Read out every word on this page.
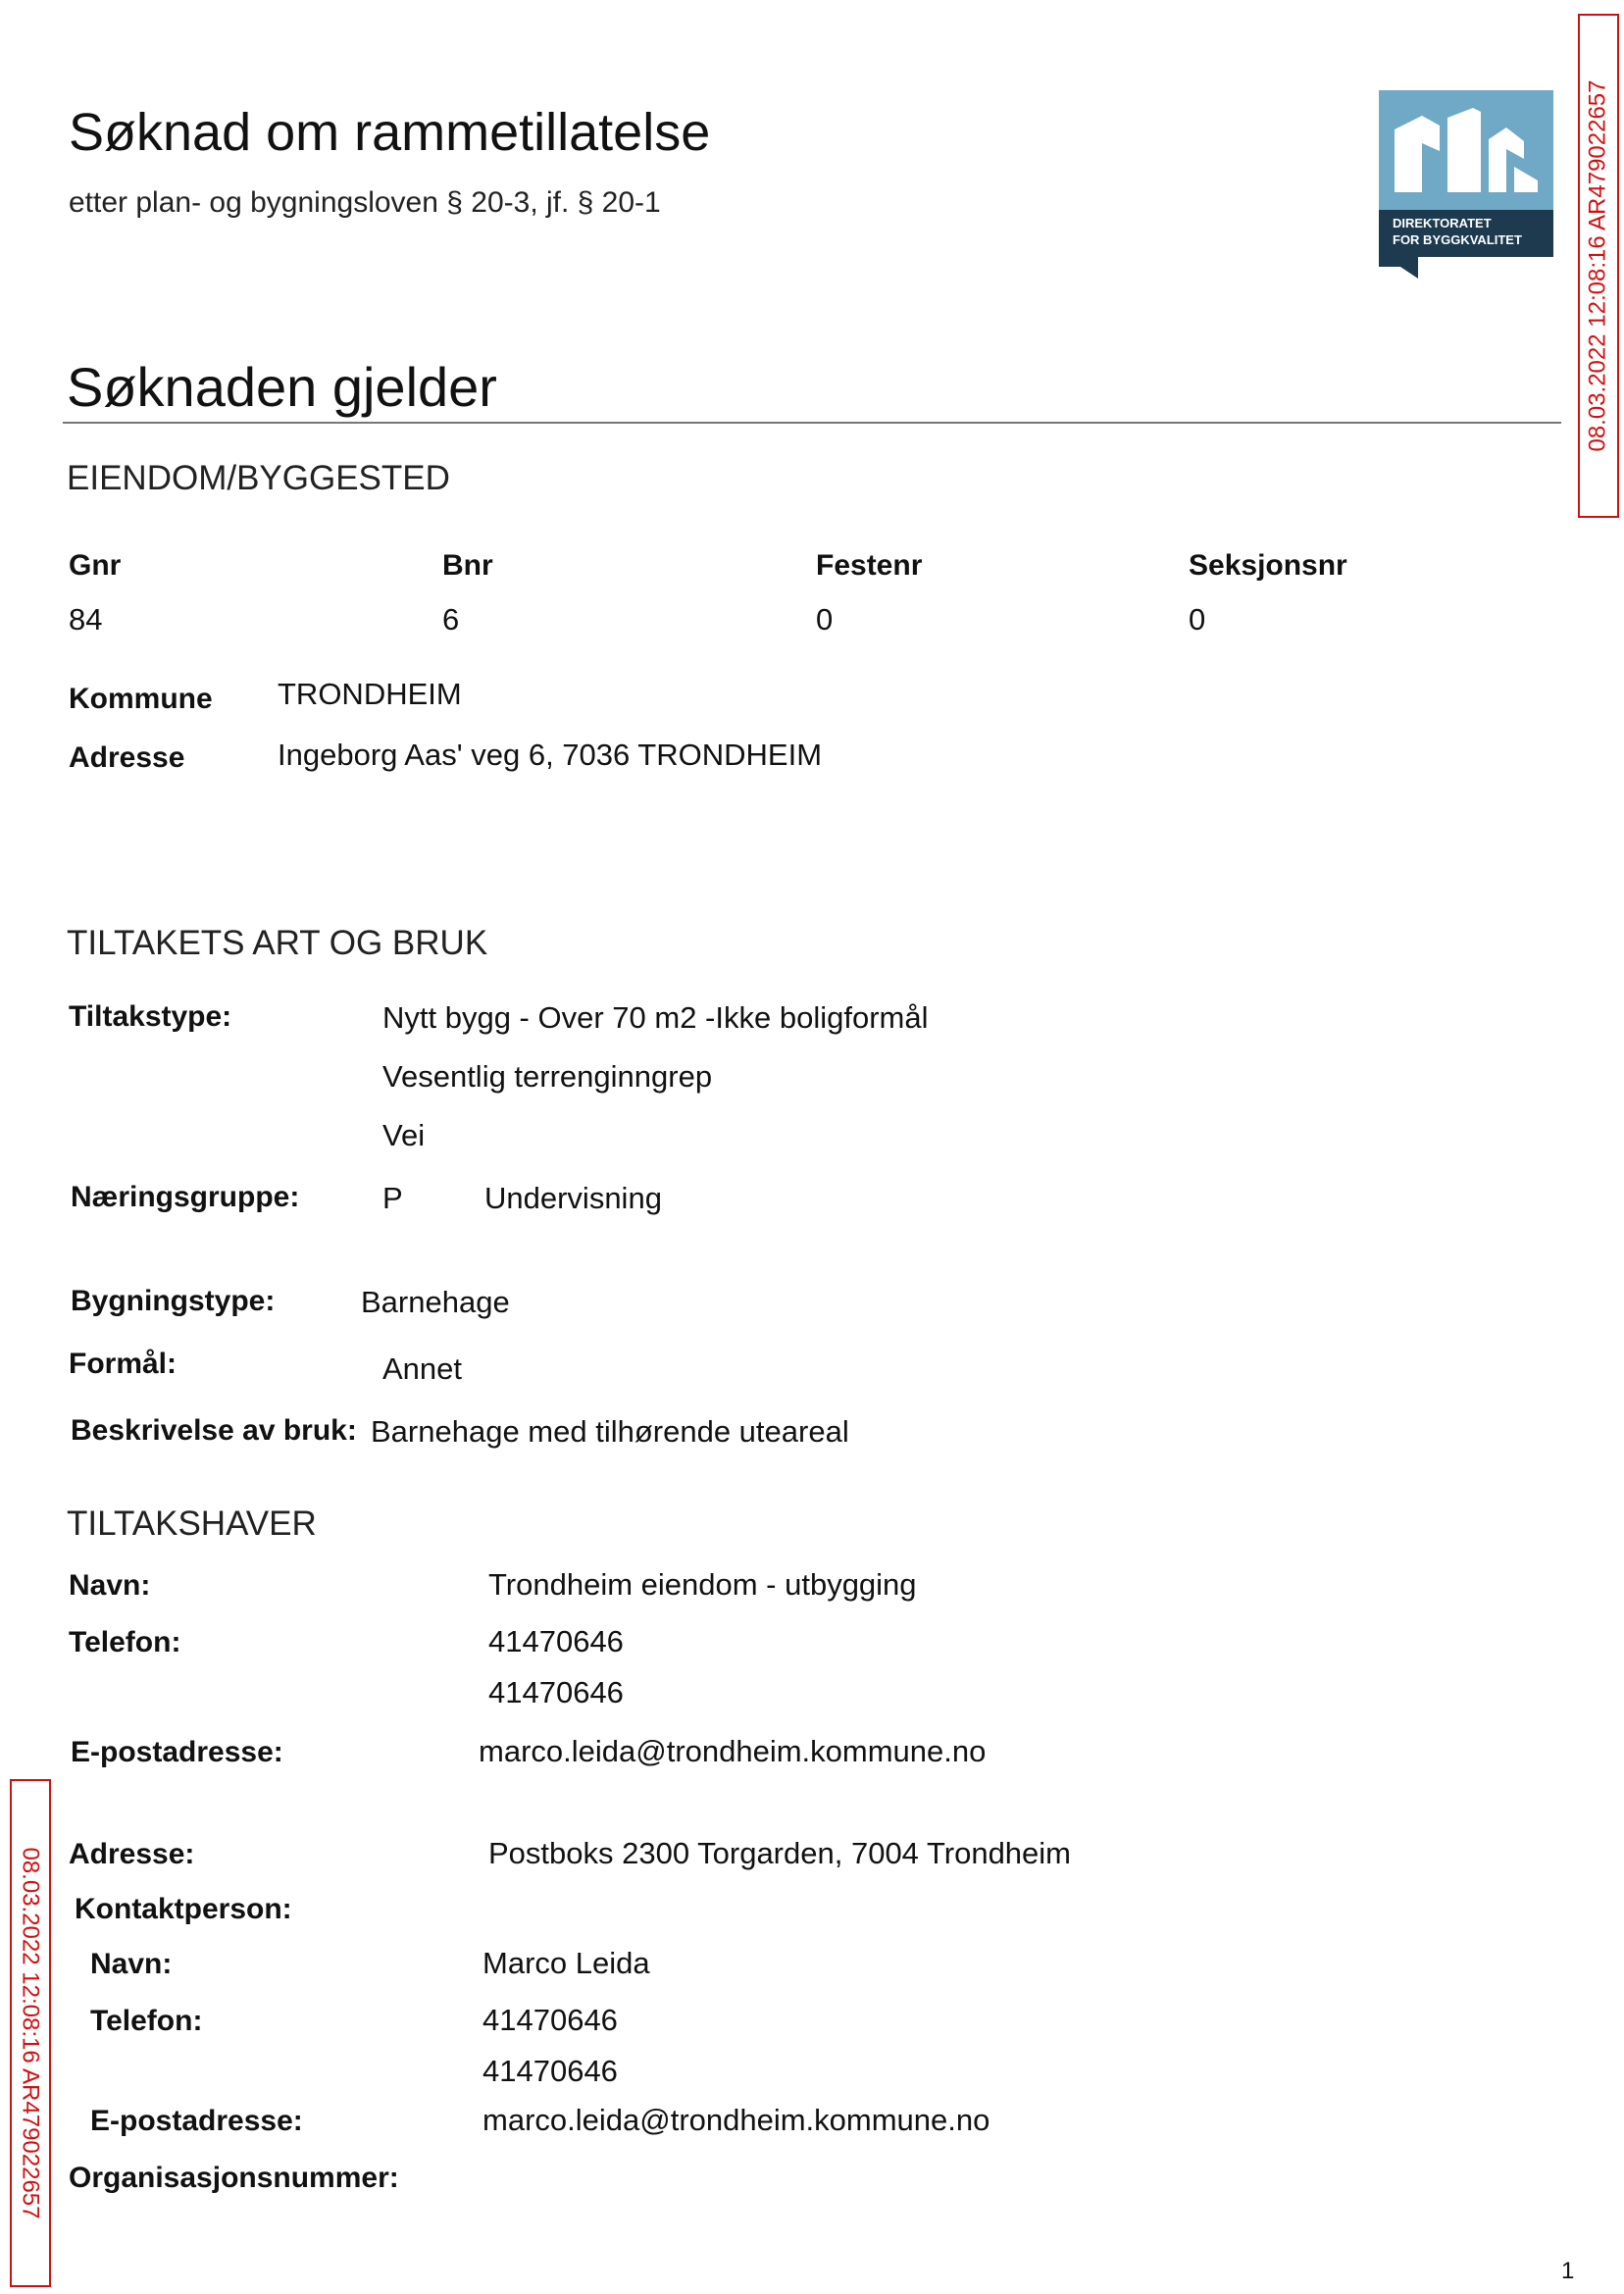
Søknad om rammetillatelse
etter plan- og bygningsloven § 20-3, jf. § 20-1
DIREKTORATET
FOR BYGGKVALITET	08.03.2022 12:08:16 AR479022657
08.03.2022 12:08:16 AR479022657
Søknaden gjelder
EIENDOM/BYGGESTED
Gnr	Bnr	Festenr	Seksjonsnr
84	6	0	0
Kommune TRONDHEIM
Adresse	Ingeborg Aas' veg 6, 7036 TRONDHEIM
TILTAKETS ART OG BRUK
Tiltakstype:	Nytt bygg - Over 70 m2 -Ikke boligformål
Vesentlig terrenginngrep
Vei
Næringsgruppe:	P	Undervisning
Bygningstype:	Barnehage
Formål:	Annet
Beskrivelse av bruk: Barnehage med tilhørende uteareal
TILTAKSHAVER
Navn:	Trondheim eiendom - utbygging
Telefon:	41470646
41470646
E-postadresse:	marco.leida@trondheim.kommune.no
Adresse:	Postboks 2300 Torgarden, 7004 Trondheim
Kontaktperson:
Navn:	Marco Leida
Telefon:	41470646
41470646
E-postadresse:	marco.leida@trondheim.kommune.no
Organisasjonsnummer:
1
